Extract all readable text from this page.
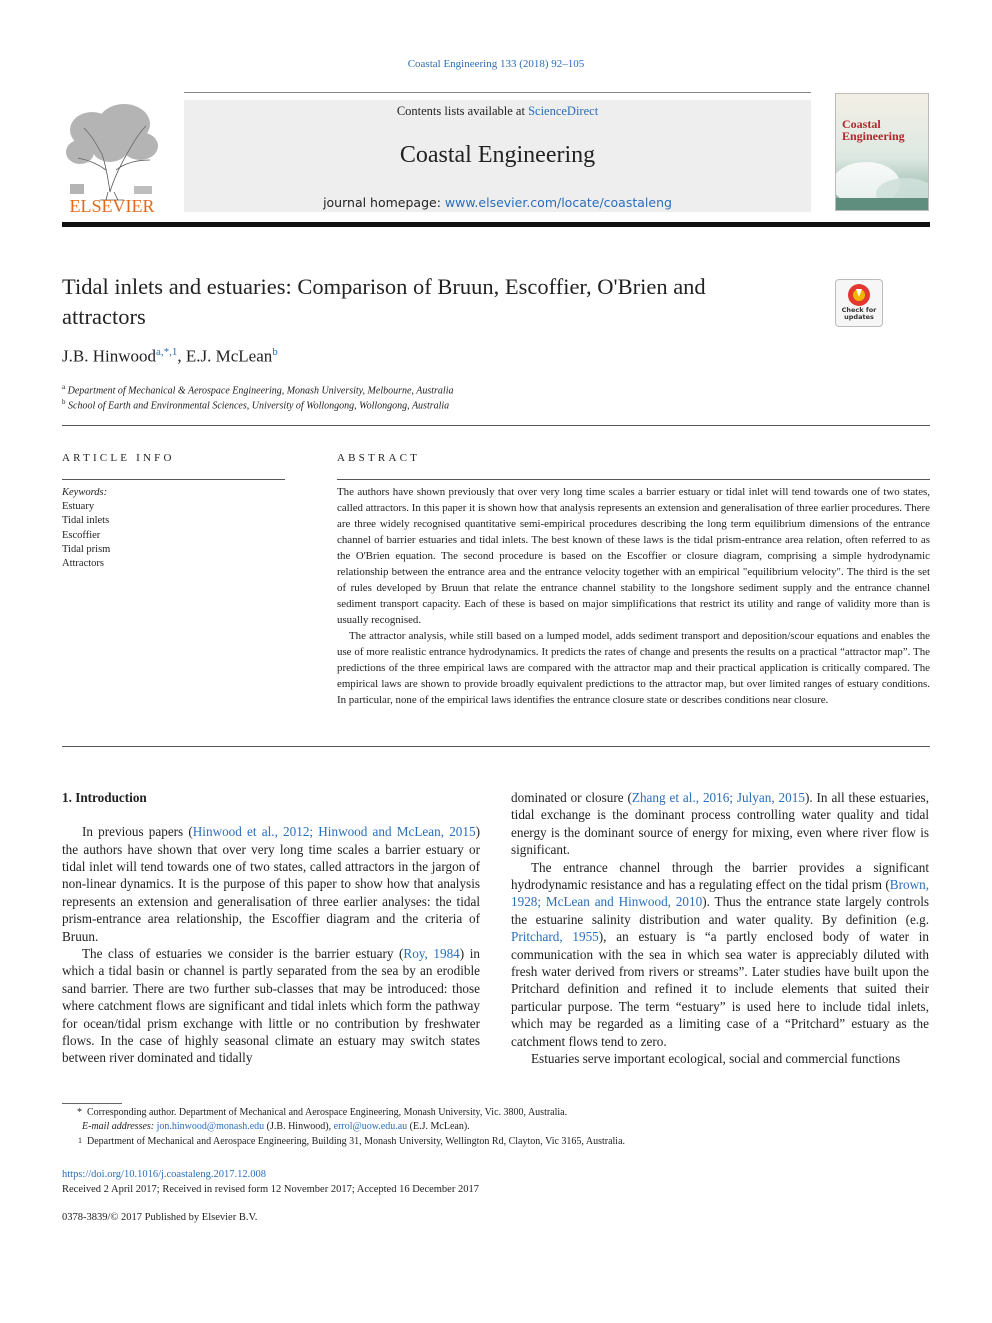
Coastal Engineering 133 (2018) 92–105
ELSEVIER
Contents lists available at ScienceDirect
Coastal Engineering
journal homepage: www.elsevier.com/locate/coastaleng
Coastal Engineering
Tidal inlets and estuaries: Comparison of Bruun, Escoffier, O'Brien and attractors	Check for updates
J.B. Hinwood$^{a,*,1}$, E.J. McLean$^b$
$^a$ Department of Mechanical & Aerospace Engineering, Monash University, Melbourne, Australia
$^b$ School of Earth and Environmental Sciences, University of Wollongong, Wollongong, Australia
ARTICLE INFO	ABSTRACT
Keywords:
Estuary
Tidal inlets
Escoffier
Tidal prism
Attractors

The authors have shown previously that over very long time scales a barrier estuary or tidal inlet will tend towards one of two states, called attractors. In this paper it is shown how that analysis represents an extension and generalisation of three earlier procedures. There are three widely recognised quantitative semi-empirical procedures describing the long term equilibrium dimensions of the entrance channel of barrier estuaries and tidal inlets. The best known of these laws is the tidal prism-entrance area relation, often referred to as the O'Brien equation. The second procedure is based on the Escoffier or closure diagram, comprising a simple hydrodynamic relationship between the entrance area and the entrance velocity together with an empirical "equilibrium velocity". The third is the set of rules developed by Bruun that relate the entrance channel stability to the longshore sediment supply and the entrance channel sediment transport capacity. Each of these is based on major simplifications that restrict its utility and range of validity more than is usually recognised.

The attractor analysis, while still based on a lumped model, adds sediment transport and deposition/scour equations and enables the use of more realistic entrance hydrodynamics. It predicts the rates of change and presents the results on a practical “attractor map”. The predictions of the three empirical laws are compared with the attractor map and their practical application is critically compared. The empirical laws are shown to provide broadly equivalent predictions to the attractor map, but over limited ranges of estuary conditions. In particular, none of the empirical laws identifies the entrance closure state or describes conditions near closure.

1. Introduction

In previous papers (Hinwood et al., 2012; Hinwood and McLean, 2015) the authors have shown that over very long time scales a barrier estuary or tidal inlet will tend towards one of two states, called attractors in the jargon of non-linear dynamics. It is the purpose of this paper to show how that analysis represents an extension and generalisation of three earlier analyses: the tidal prism-entrance area relationship, the Escoffier diagram and the criteria of Bruun.

The class of estuaries we consider is the barrier estuary (Roy, 1984) in which a tidal basin or channel is partly separated from the sea by an erodible sand barrier. There are two further sub-classes that may be introduced: those where catchment flows are significant and tidal inlets which form the pathway for ocean/tidal prism exchange with little or no contribution by freshwater flows. In the case of highly seasonal climate an estuary may switch states between river dominated and tidally

dominated or closure (Zhang et al., 2016; Julyan, 2015). In all these estuaries, tidal exchange is the dominant process controlling water quality and tidal energy is the dominant source of energy for mixing, even where river flow is significant.

The entrance channel through the barrier provides a significant hydrodynamic resistance and has a regulating effect on the tidal prism (Brown, 1928; McLean and Hinwood, 2010). Thus the entrance state largely controls the estuarine salinity distribution and water quality. By definition (e.g. Pritchard, 1955), an estuary is “a partly enclosed body of water in communication with the sea in which sea water is appreciably diluted with fresh water derived from rivers or streams”. Later studies have built upon the Pritchard definition and refined it to include elements that suited their particular purpose. The term “estuary” is used here to include tidal inlets, which may be regarded as a limiting case of a “Pritchard” estuary as the catchment flows tend to zero.

Estuaries serve important ecological, social and commercial functions

* Corresponding author. Department of Mechanical and Aerospace Engineering, Monash University, Vic. 3800, Australia.
E-mail addresses: jon.hinwood@monash.edu (J.B. Hinwood), errol@uow.edu.au (E.J. McLean).
1 Department of Mechanical and Aerospace Engineering, Building 31, Monash University, Wellington Rd, Clayton, Vic 3165, Australia.
https://doi.org/10.1016/j.coastaleng.2017.12.008
Received 2 April 2017; Received in revised form 12 November 2017; Accepted 16 December 2017
0378-3839/© 2017 Published by Elsevier B.V.
